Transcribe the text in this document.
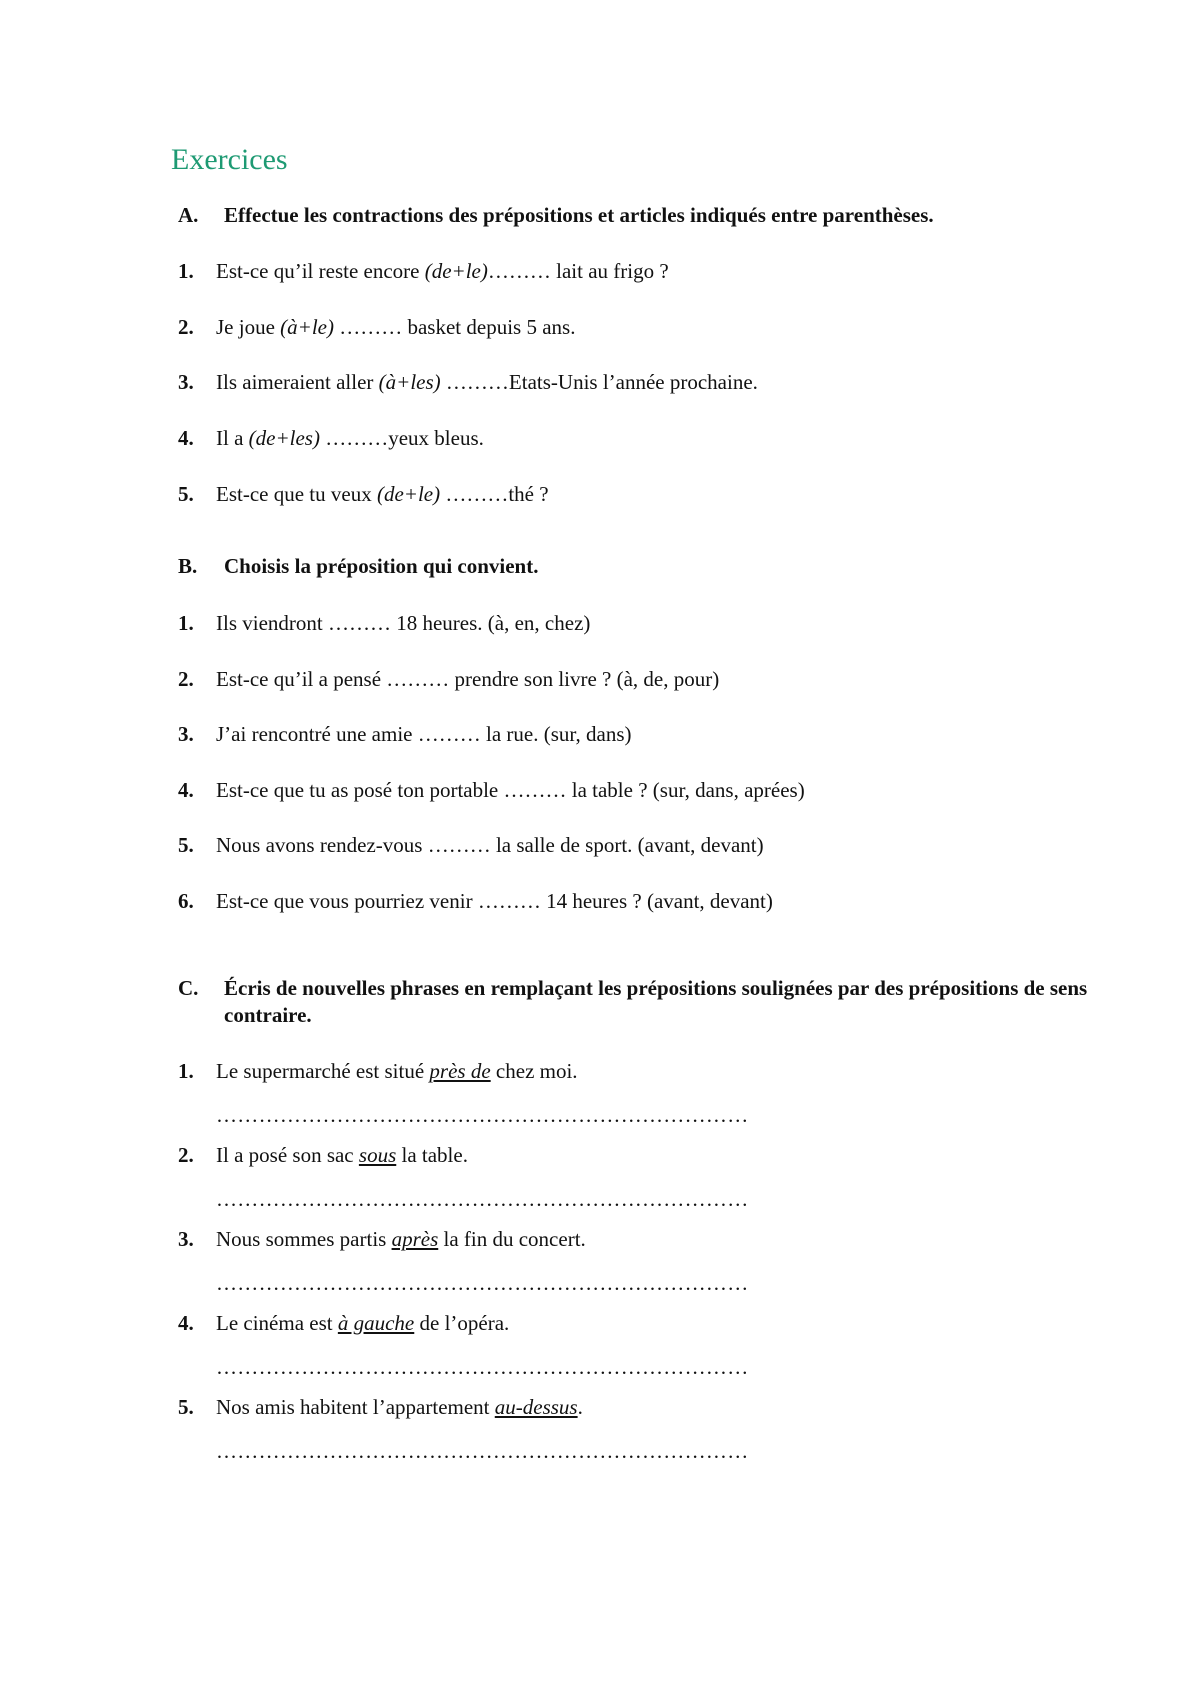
Exercices
A. Effectue les contractions des prépositions et articles indiqués entre parenthèses.
1. Est-ce qu’il reste encore (de+le)……… lait au frigo ?
2. Je joue (à+le) ……… basket depuis 5 ans.
3. Ils aimeraient aller (à+les) ………Etats-Unis l’année prochaine.
4. Il a (de+les) ………yeux bleus.
5. Est-ce que tu veux (de+le) ………thé ?
B. Choisis la préposition qui convient.
1. Ils viendront ……… 18 heures. (à, en, chez)
2. Est-ce qu’il a pensé ……… prendre son livre ? (à, de, pour)
3. J’ai rencontré une amie ……… la rue. (sur, dans)
4. Est-ce que tu as posé ton portable ……… la table ? (sur, dans, aprées)
5. Nous avons rendez-vous ……… la salle de sport. (avant, devant)
6. Est-ce que vous pourriez venir ……… 14 heures ? (avant, devant)
C. Écris de nouvelles phrases en remplaçant les prépositions soulignées par des prépositions de sens contraire.
1. Le supermarché est situé près de chez moi.
…………………………………………………………………
2. Il a posé son sac sous la table.
…………………………………………………………………
3. Nous sommes partis après la fin du concert.
…………………………………………………………………
4. Le cinéma est à gauche de l’opéra.
…………………………………………………………………
5. Nos amis habitent l’appartement au-dessus.
…………………………………………………………………
